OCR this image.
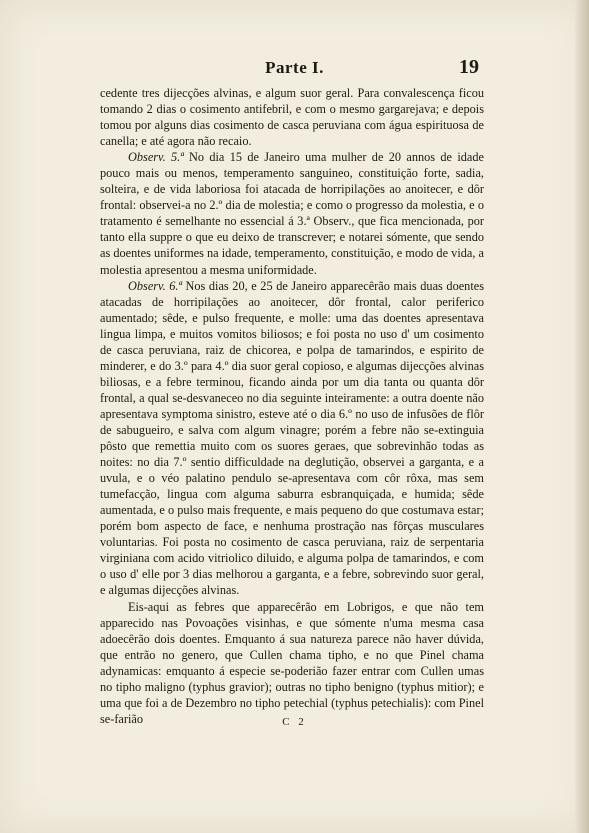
Parte I.	19

cedente tres dijecções alvinas, e algum suor geral. Para convalescença ficou tomando 2 dias o cosimento antifebril, e com o mesmo gargarejava; e depois tomou por alguns dias cosimento de casca peruviana com água espirituosa de canella; e até agora não recaio.

Observ. 5.ª No dia 15 de Janeiro uma mulher de 20 annos de idade pouco mais ou menos, temperamento sanguineo, constituição forte, sadia, solteira, e de vida laboriosa foi atacada de horripilações ao anoitecer, e dôr frontal: observei-a no 2.º dia de molestia; e como o progresso da molestia, e o tratamento é semelhante no essencial á 3.ª Observ., que fica mencionada, por tanto ella suppre o que eu deixo de transcrever; e notarei sómente, que sendo as doentes uniformes na idade, temperamento, constituição, e modo de vida, a molestia apresentou a mesma uniformidade.

Observ. 6.ª Nos dias 20, e 25 de Janeiro apparecêrão mais duas doentes atacadas de horripilações ao anoitecer, dôr frontal, calor periferico aumentado; sêde, e pulso frequente, e molle: uma das doentes apresentava lingua limpa, e muitos vomitos biliosos; e foi posta no uso d' um cosimento de casca peruviana, raiz de chicorea, e polpa de tamarindos, e espirito de minderer, e do 3.º para 4.º dia suor geral copioso, e algumas dijecções alvinas biliosas, e a febre terminou, ficando ainda por um dia tanta ou quanta dôr frontal, a qual se-desvaneceo no dia seguinte inteiramente: a outra doente não apresentava symptoma sinistro, esteve até o dia 6.º no uso de infusões de flôr de sabugueiro, e salva com algum vinagre; porém a febre não se-extinguia pôsto que remettia muito com os suores geraes, que sobrevinhão todas as noites: no dia 7.º sentio difficuldade na deglutição, observei a garganta, e a uvula, e o véo palatino pendulo se-apresentava com côr rôxa, mas sem tumefacção, lingua com alguma saburra esbranquiçada, e humida; sêde aumentada, e o pulso mais frequente, e mais pequeno do que costumava estar; porém bom aspecto de face, e nenhuma prostração nas fôrças musculares voluntarias. Foi posta no cosimento de casca peruviana, raiz de serpentaria virginiana com acido vitriolico diluido, e alguma polpa de tamarindos, e com o uso d' elle por 3 dias melhorou a garganta, e a febre, sobrevindo suor geral, e algumas dijecções alvinas.

Eis-aqui as febres que apparecêrão em Lobrigos, e que não tem apparecido nas Povoações visinhas, e que sómente n'uma mesma casa adoecêrão dois doentes. Emquanto á sua natureza parece não haver dúvida, que entrão no genero, que Cullen chama tipho, e no que Pinel chama adynamicas: emquanto á especie se-poderião fazer entrar com Cullen umas no tipho maligno (typhus gravior); outras no tipho benigno (typhus mitior); e uma que foi a de Dezembro no tipho petechial (typhus petechialis): com Pinel se-farião	C 2
